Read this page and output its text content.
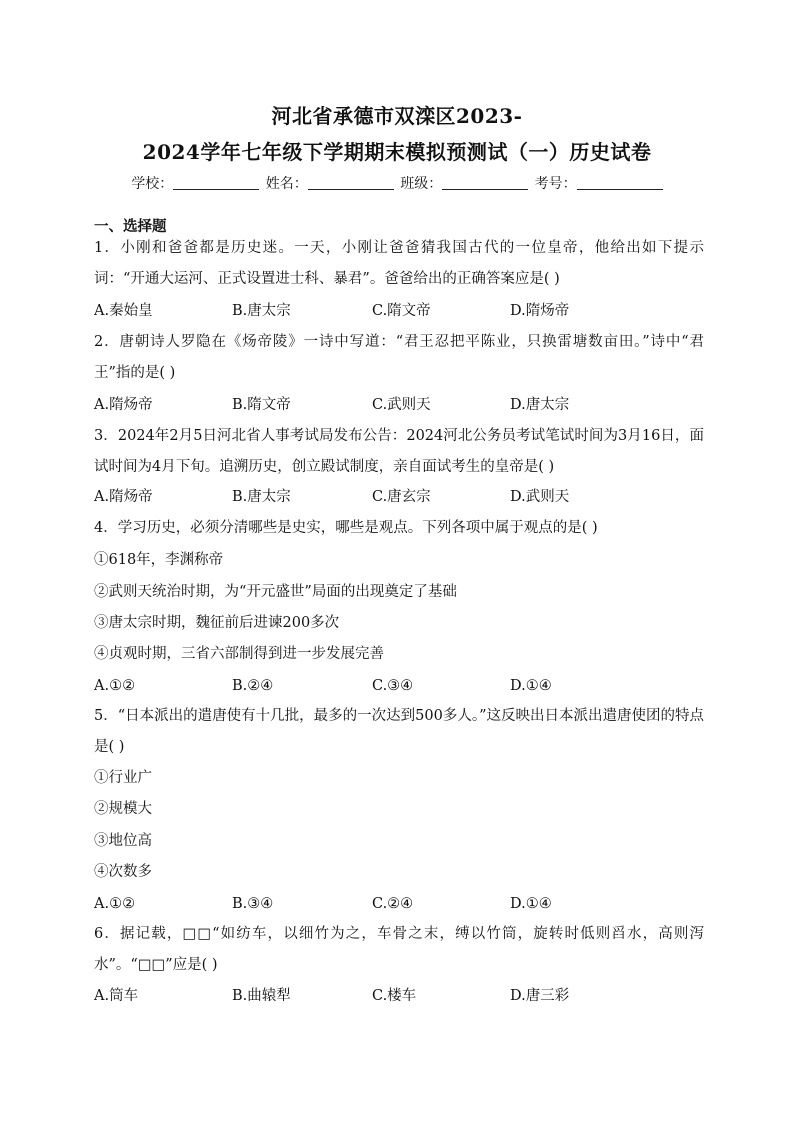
河北省承德市双滦区2023-
2024学年七年级下学期期末模拟预测试（一）历史试卷
学校：	姓名：	班级：	考号：
一、选择题
1．小刚和爸爸都是历史迷。一天，小刚让爸爸猜我国古代的一位皇帝，他给出如下提示词：“开通大运河、正式设置进士科、暴君”。爸爸给出的正确答案应是( )
A.秦始皇	B.唐太宗	C.隋文帝	D.隋炀帝
2．唐朝诗人罗隐在《炀帝陵》一诗中写道：“君王忍把平陈业，只换雷塘数亩田。”诗中“君王”指的是( )
A.隋炀帝	B.隋文帝	C.武则天	D.唐太宗
3．2024年2月5日河北省人事考试局发布公告：2024河北公务员考试笔试时间为3月16日，面试时间为4月下旬。追溯历史，创立殿试制度，亲自面试考生的皇帝是( )
A.隋炀帝	B.唐太宗	C.唐玄宗	D.武则天
4．学习历史，必须分清哪些是史实，哪些是观点。下列各项中属于观点的是( )
①618年，李渊称帝
②武则天统治时期，为“开元盛世”局面的出现奠定了基础
③唐太宗时期，魏征前后进谏200多次
④贞观时期，三省六部制得到进一步发展完善
A.①②	B.②④	C.③④	D.①④
5．“日本派出的遣唐使有十几批，最多的一次达到500多人。”这反映出日本派出遣唐使团的特点是( )
①行业广
②规模大
③地位高
④次数多
A.①②	B.③④	C.②④	D.①④
6．据记载，□□“如纺车，以细竹为之，车骨之末，缚以竹筒，旋转时低则舀水，高则泻水”。“□□”应是( )
A.筒车	B.曲辕犁	C.楼车	D.唐三彩
